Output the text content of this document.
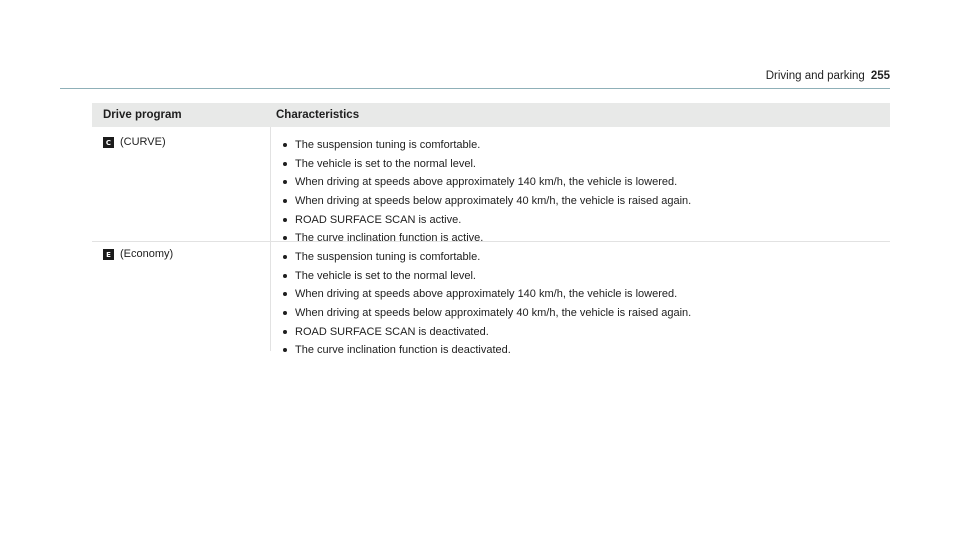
Driving and parking 255
Drive program	Characteristics
C (CURVE)	The suspension tuning is comfortable.
The vehicle is set to the normal level.
When driving at speeds above approximately 140 km/h, the vehicle is lowered.
When driving at speeds below approximately 40 km/h, the vehicle is raised again.
ROAD SURFACE SCAN is active.
The curve inclination function is active.
E (Economy)	The suspension tuning is comfortable.
The vehicle is set to the normal level.
When driving at speeds above approximately 140 km/h, the vehicle is lowered.
When driving at speeds below approximately 40 km/h, the vehicle is raised again.
ROAD SURFACE SCAN is deactivated.
The curve inclination function is deactivated.
